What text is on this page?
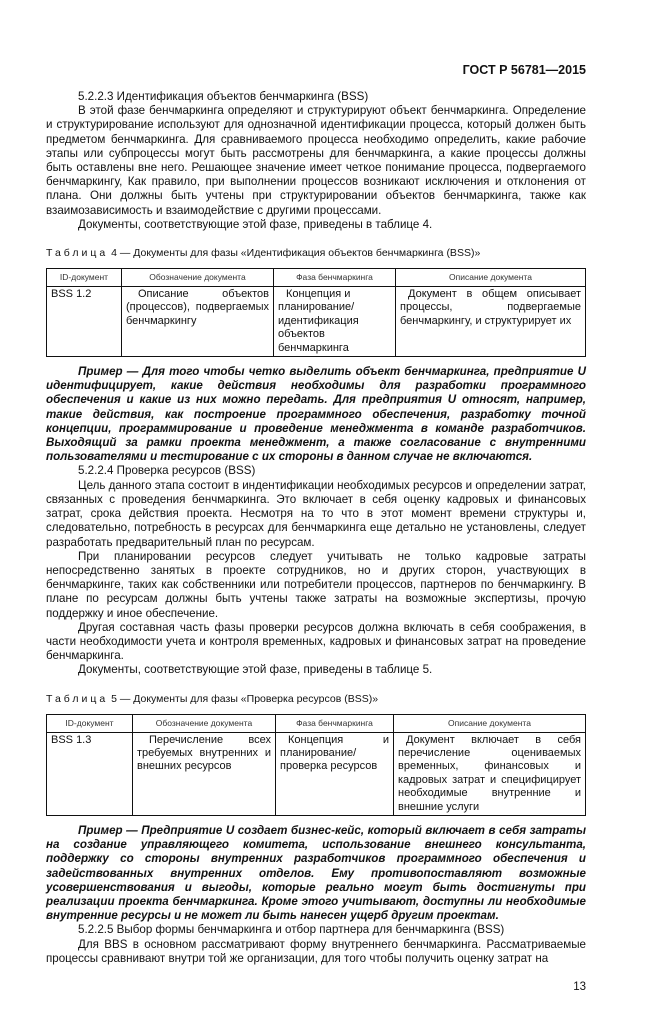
ГОСТ Р 56781—2015

5.2.2.3 Идентификация объектов бенчмаркинга (BSS)

В этой фазе бенчмаркинга определяют и структурируют объект бенчмаркинга. Определение и структурирование используют для однозначной идентификации процесса, который должен быть предметом бенчмаркинга. Для сравниваемого процесса необходимо определить, какие рабочие этапы или субпроцессы могут быть рассмотрены для бенчмаркинга, а какие процессы должны быть оставлены вне него. Решающее значение имеет четкое понимание процесса, подвергаемого бенчмаркингу, Как правило, при выполнении процессов возникают исключения и отклонения от плана. Они должны быть учтены при структурировании объектов бенчмаркинга, также как взаимозависимость и взаимодействие с другими процессами.

Документы, соответствующие этой фазе, приведены в таблице 4.

Таблица 4 — Документы для фазы «Идентификация объектов бенчмаркинга (BSS)»
ID-документ	Обозначение документа	Фаза бенчмаркинга	Описание документа
BSS 1.2	Описание объектов (процессов), подвергаемых бенчмаркингу	Концепция и планирование/ идентификация объектов бенчмаркинга	Документ в общем описывает процессы, подвергаемые бенчмаркингу, и структурирует их

Пример — Для того чтобы четко выделить объект бенчмаркинга, предприятие U идентифицирует, какие действия необходимы для разработки программного обеспечения и какие из них можно передать. Для предприятия U относят, например, такие действия, как построение программного обеспечения, разработку точной концепции, программирование и проведение менеджмента в команде разработчиков. Выходящий за рамки проекта менеджмент, а также согласование с внутренними пользователями и тестирование с их стороны в данном случае не включаются.

5.2.2.4 Проверка ресурсов (BSS)

Цель данного этапа состоит в индентификации необходимых ресурсов и определении затрат, связанных с проведения бенчмаркинга. Это включает в себя оценку кадровых и финансовых затрат, срока действия проекта. Несмотря на то что в этот момент времени структуры и, следовательно, потребность в ресурсах для бенчмаркинга еще детально не установлены, следует разработать предварительный план по ресурсам.

При планировании ресурсов следует учитывать не только кадровые затраты непосредственно занятых в проекте сотрудников, но и других сторон, участвующих в бенчмаркинге, таких как собственники или потребители процессов, партнеров по бенчмаркингу. В плане по ресурсам должны быть учтены также затраты на возможные экспертизы, прочую поддержку и иное обеспечение.

Другая составная часть фазы проверки ресурсов должна включать в себя соображения, в части необходимости учета и контроля временных, кадровых и финансовых затрат на проведение бенчмаркинга.

Документы, соответствующие этой фазе, приведены в таблице 5.

Таблица 5 — Документы для фазы «Проверка ресурсов (BSS)»
ID-документ	Обозначение документа	Фаза бенчмаркинга	Описание документа
BSS 1.3	Перечисление всех требуемых внутренних и внешних ресурсов	Концепция и планирование/ проверка ресурсов	Документ включает в себя перечисление оцениваемых временных, финансовых и кадровых затрат и специфицирует необходимые внутренние и внешние услуги

Пример — Предприятие U создает бизнес-кейс, который включает в себя затраты на создание управляющего комитета, использование внешнего консультанта, поддержку со стороны внутренних разработчиков программного обеспечения и задействованных внутренних отделов. Ему противопоставляют возможные усовершенствования и выгоды, которые реально могут быть достигнуты при реализации проекта бенчмаркинга. Кроме этого учитывают, доступны ли необходимые внутренние ресурсы и не может ли быть нанесен ущерб другим проектам.

5.2.2.5 Выбор формы бенчмаркинга и отбор партнера для бенчмаркинга (BSS)

Для BBS в основном рассматривают форму внутреннего бенчмаркинга. Рассматриваемые процессы сравнивают внутри той же организации, для того чтобы получить оценку затрат на

13
